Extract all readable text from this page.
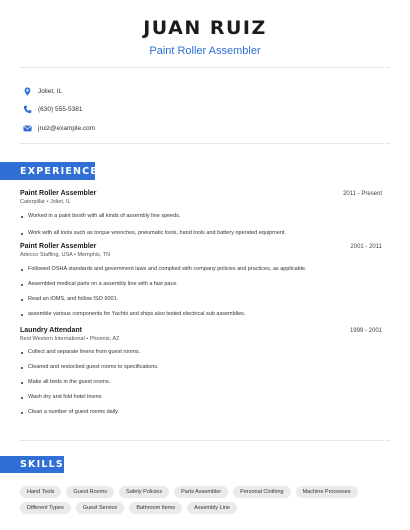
JUAN RUIZ
Paint Roller Assembler
Joliet, IL
(630) 555-5381
jruiz@example.com
EXPERIENCE
Paint Roller Assembler	2011 - Present
Caterpillar • Joliet, IL
Worked in a paint booth with all kinds of assembly line speeds.
Work with all tools such as torque wrenches, pneumatic tools, hand tools and battery operated equipment.
Paint Roller Assembler	2001 - 2011
Adecco Staffing, USA • Memphis, TN
Followed OSHA standards and government laws and complied with company policies and practices, as applicable.
Assembled medical parts on a assembly line with a fast pace.
Read an iOMS, and follow ISO 9001.
assemble various components for Yachts and ships also tested electrical sub assemblies.
Laundry Attendant	1999 - 2001
Best Western International • Phoenix, AZ
Collect and separate linens from guest rooms.
Cleaned and restocked guest rooms to specifications.
Make all beds in the guest rooms.
Wash dry and fold hotel linens
Clean a number of guest rooms daily.
SKILLS
Hand Tools	Guest Rooms	Safety Policies	Parts Assembler	Personal Clothing	Machine Processes
Different Types	Guest Service	Bathroom Items	Assembly Line
